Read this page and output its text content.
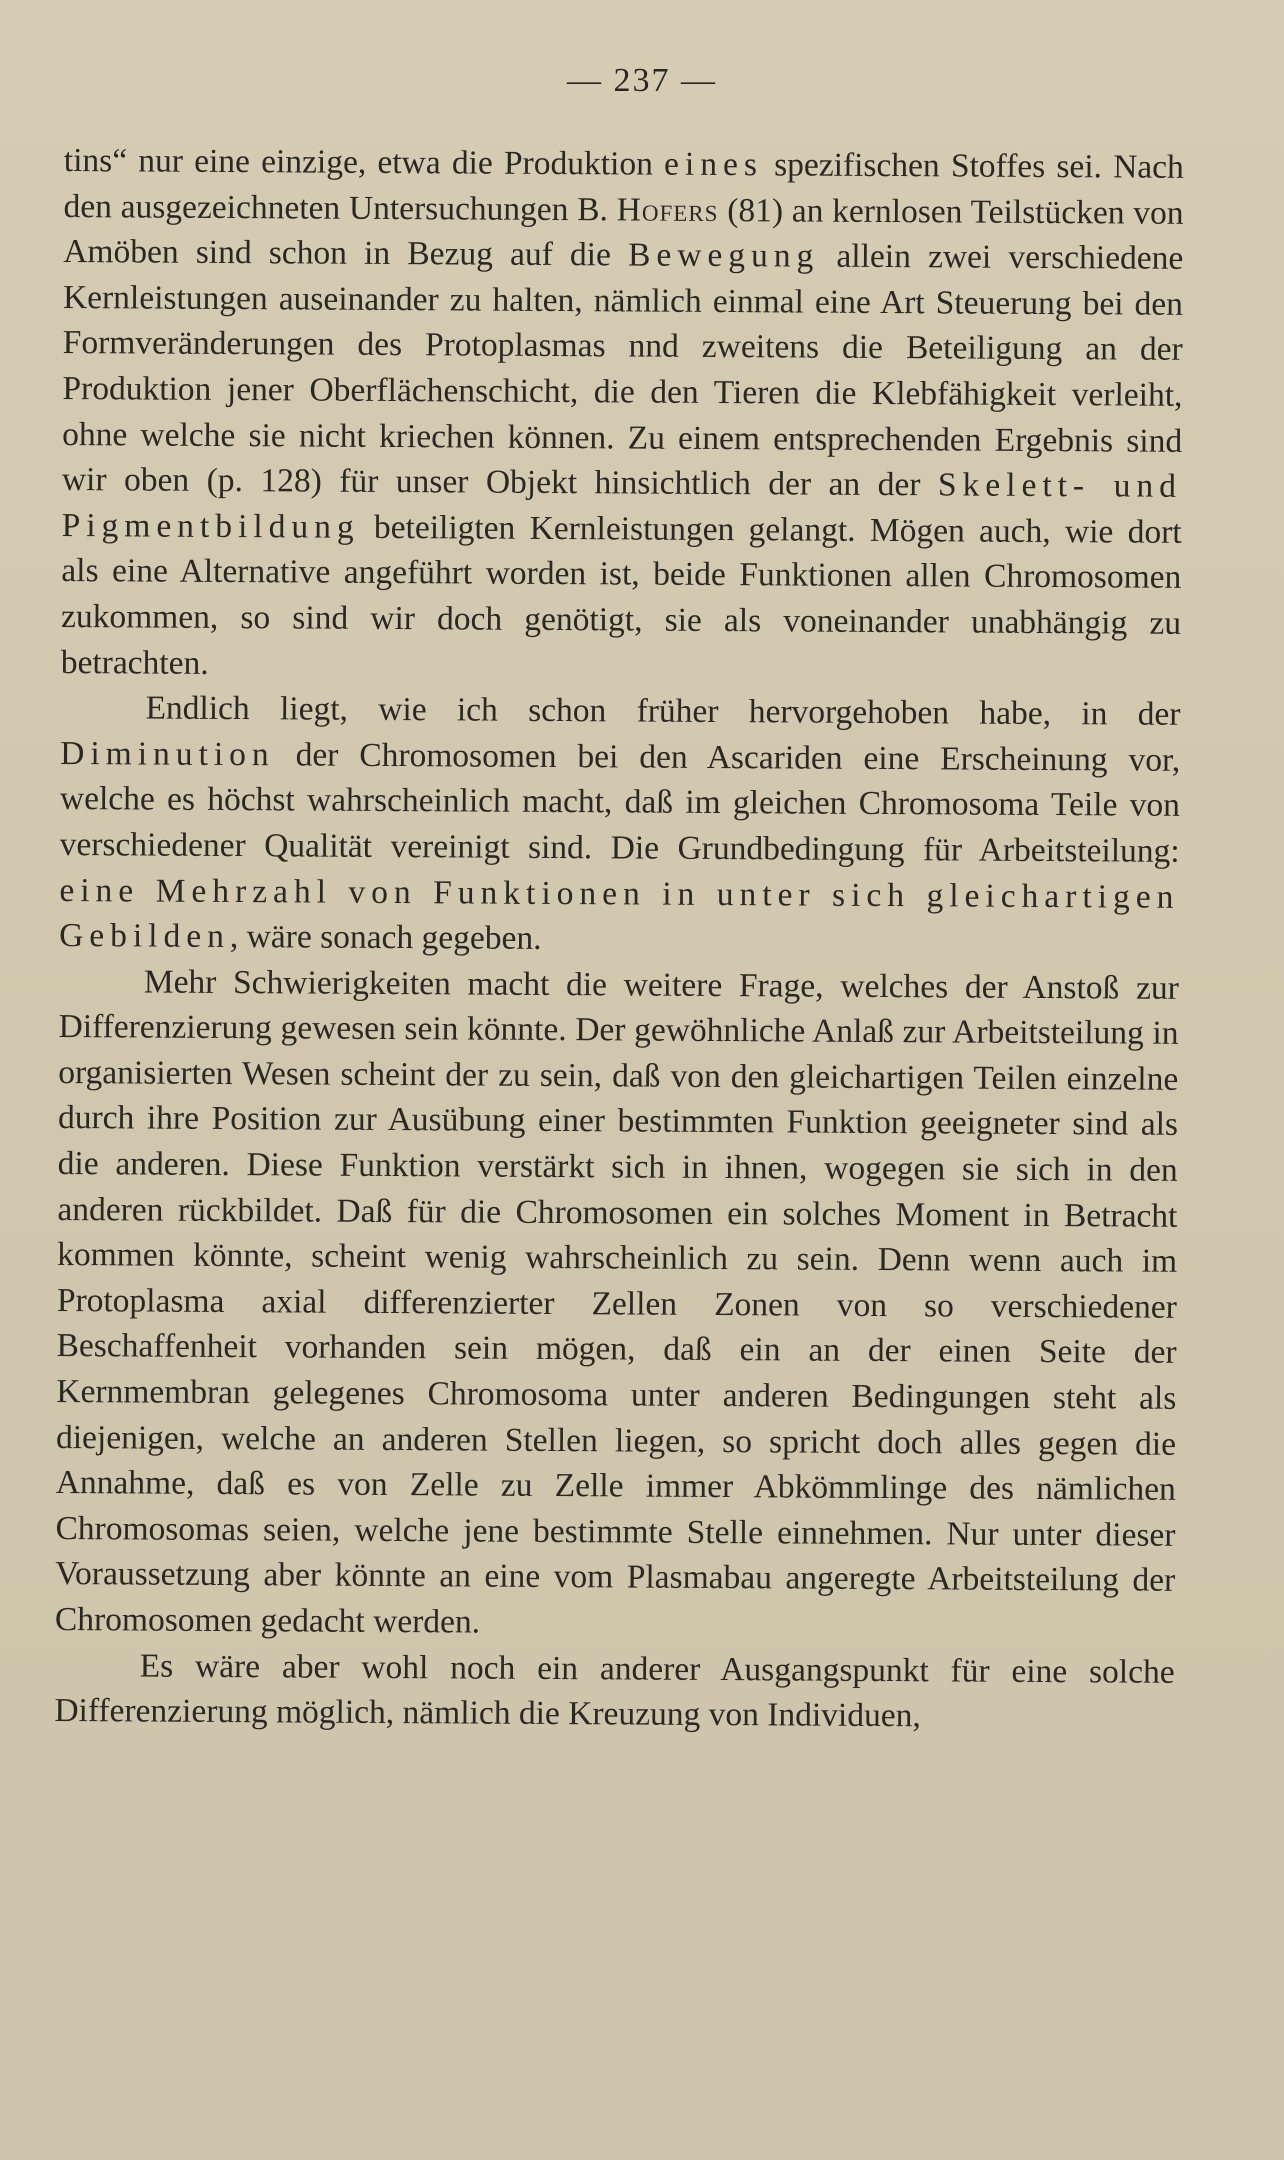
— 237 —

tins“ nur eine einzige, etwa die Produktion eines spezifischen Stoffes sei. Nach den ausgezeichneten Untersuchungen B. Hofers (81) an kernlosen Teilstücken von Amöben sind schon in Bezug auf die Bewegung allein zwei verschiedene Kernleistungen auseinander zu halten, nämlich einmal eine Art Steuerung bei den Formveränderungen des Protoplasmas nnd zweitens die Beteiligung an der Produktion jener Oberflächenschicht, die den Tieren die Klebfähigkeit verleiht, ohne welche sie nicht kriechen können. Zu einem entsprechenden Ergebnis sind wir oben (p. 128) für unser Objekt hinsichtlich der an der Skelett- und Pigmentbildung beteiligten Kernleistungen gelangt. Mögen auch, wie dort als eine Alternative angeführt worden ist, beide Funktionen allen Chromosomen zukommen, so sind wir doch genötigt, sie als voneinander unabhängig zu betrachten.

Endlich liegt, wie ich schon früher hervorgehoben habe, in der Diminution der Chromosomen bei den Ascariden eine Erscheinung vor, welche es höchst wahrscheinlich macht, daß im gleichen Chromosoma Teile von verschiedener Qualität vereinigt sind. Die Grundbedingung für Arbeitsteilung: eine Mehrzahl von Funktionen in unter sich gleichartigen Gebilden, wäre sonach gegeben.

Mehr Schwierigkeiten macht die weitere Frage, welches der Anstoß zur Differenzierung gewesen sein könnte. Der gewöhnliche Anlaß zur Arbeitsteilung in organisierten Wesen scheint der zu sein, daß von den gleichartigen Teilen einzelne durch ihre Position zur Ausübung einer bestimmten Funktion geeigneter sind als die anderen. Diese Funktion verstärkt sich in ihnen, wogegen sie sich in den anderen rückbildet. Daß für die Chromosomen ein solches Moment in Betracht kommen könnte, scheint wenig wahrscheinlich zu sein. Denn wenn auch im Protoplasma axial differenzierter Zellen Zonen von so verschiedener Beschaffenheit vorhanden sein mögen, daß ein an der einen Seite der Kernmembran gelegenes Chromosoma unter anderen Bedingungen steht als diejenigen, welche an anderen Stellen liegen, so spricht doch alles gegen die Annahme, daß es von Zelle zu Zelle immer Abkömmlinge des nämlichen Chromosomas seien, welche jene bestimmte Stelle einnehmen. Nur unter dieser Voraussetzung aber könnte an eine vom Plasmabau angeregte Arbeitsteilung der Chromosomen gedacht werden.

Es wäre aber wohl noch ein anderer Ausgangspunkt für eine solche Differenzierung möglich, nämlich die Kreuzung von Individuen,
